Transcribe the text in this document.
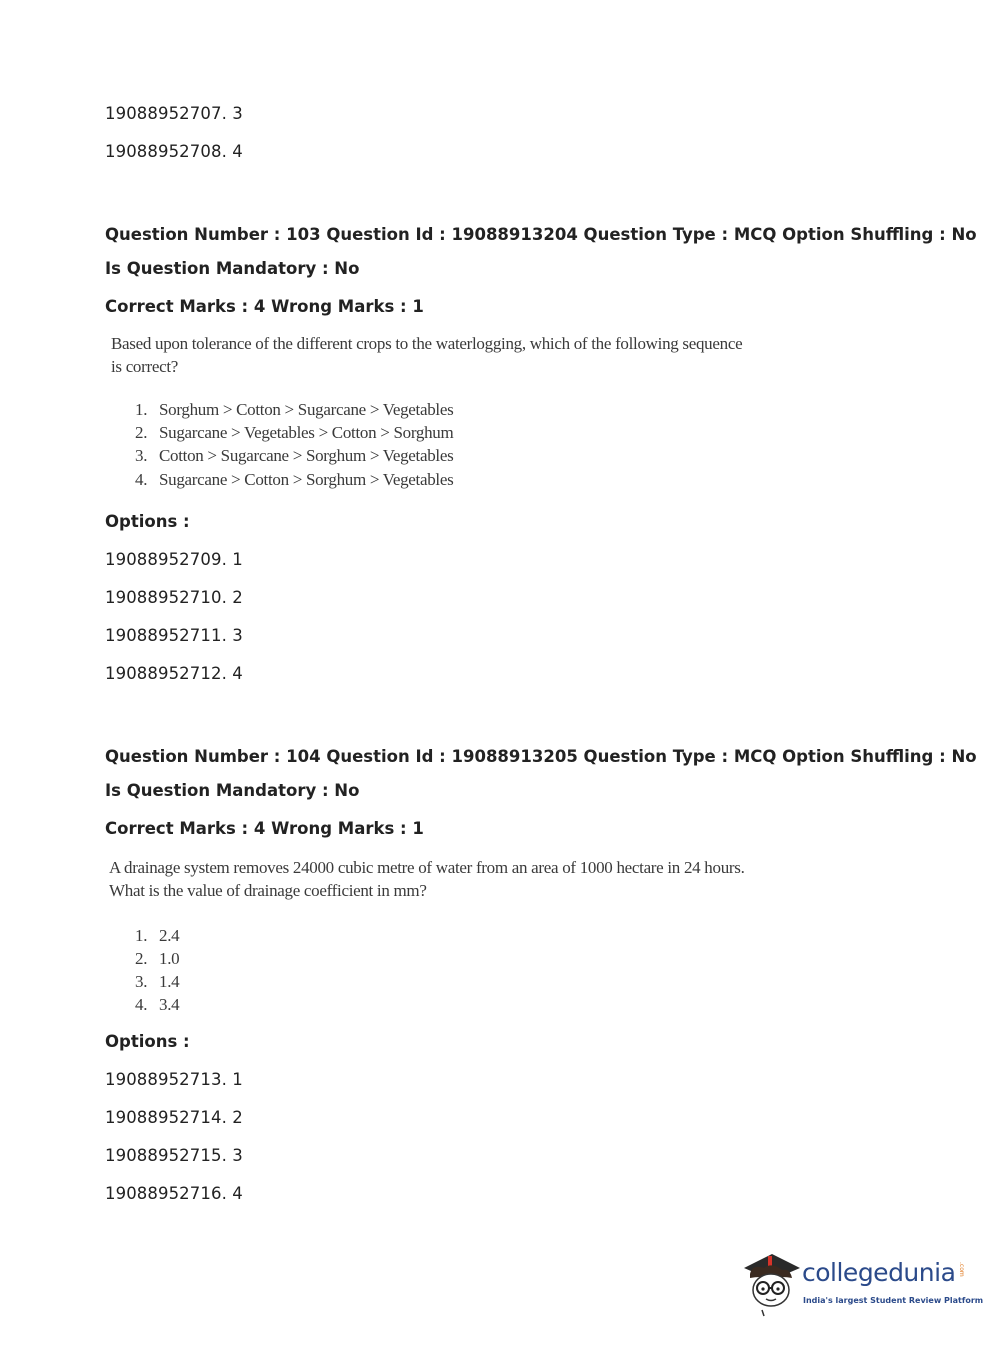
19088952707. 3
19088952708. 4
Question Number : 103 Question Id : 19088913204 Question Type : MCQ Option Shuffling : No
Is Question Mandatory : No
Correct Marks : 4 Wrong Marks : 1
Based upon tolerance of the different crops to the waterlogging, which of the following sequence is correct?
1. Sorghum > Cotton > Sugarcane > Vegetables
2. Sugarcane > Vegetables > Cotton > Sorghum
3. Cotton > Sugarcane > Sorghum > Vegetables
4. Sugarcane > Cotton > Sorghum > Vegetables
Options :
19088952709. 1
19088952710. 2
19088952711. 3
19088952712. 4
Question Number : 104 Question Id : 19088913205 Question Type : MCQ Option Shuffling : No
Is Question Mandatory : No
Correct Marks : 4 Wrong Marks : 1
A drainage system removes 24000 cubic metre of water from an area of 1000 hectare in 24 hours. What is the value of drainage coefficient in mm?
1. 2.4
2. 1.0
3. 1.4
4. 3.4
Options :
19088952713. 1
19088952714. 2
19088952715. 3
19088952716. 4
collegedunia .com
India's largest Student Review Platform
